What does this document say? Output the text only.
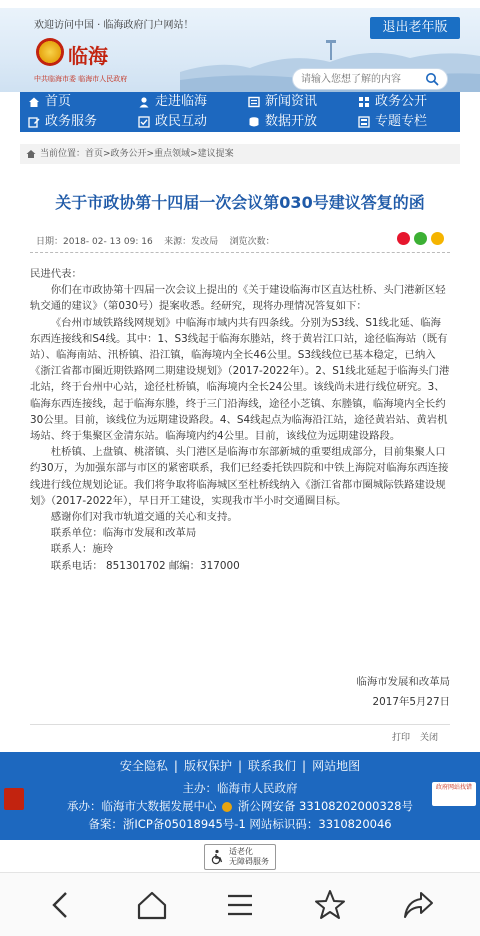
欢迎访问中国 · 临海政府门户网站！	退出老年版
临海
中共临海市委 临海市人民政府
请输入您想了解的内容
首页	走进临海	新闻资讯	政务公开
政务服务	政民互动	数据开放	专题专栏
当前位置： 首页>政务公开>重点领域>建议提案
关于市政协第十四届一次会议第030号建议答复的函
日期：2018- 02- 13 09: 16 来源：发改局 浏览次数：

民进代表：

你们在市政协第十四届一次会议上提出的《关于建设临海市区直达杜桥、头门港新区轻轨交通的建议》（第030号）提案收悉。经研究，现将办理情况答复如下：

《台州市域铁路线网规划》中临海市域内共有四条线。分别为S3线、S1线北延、临海东西连接线和S4线。其中：1、S3线起于临海东塍站，终于黄岩江口站，途径临海站（既有站）、临海南站、汛桥镇、沿江镇，临海境内全长46公里。S3线线位已基本稳定，已纳入《浙江省都市圈近期铁路网二期建设规划》（2017-2022年）。2、S1线北延起于临海头门港北站，终于台州中心站，途径杜桥镇，临海境内全长24公里。该线尚未进行线位研究。3、临海东西连接线，起于临海东塍，终于三门沿海线，途径小芝镇、东塍镇，临海境内全长约30公里。目前，该线位为远期建设路段。4、S4线起点为临海沿江站，途径黄岩站、黄岩机场站、终于集聚区金清东站。临海境内约4公里。目前，该线位为远期建设路段。

杜桥镇、上盘镇、桃渚镇、头门港区是临海市东部新城的重要组成部分，目前集聚人口约30万，为加强东部与市区的紧密联系，我们已经委托铁四院和中铁上海院对临海东西连接线进行线位规划论证。我们将争取将临海城区至杜桥线纳入《浙江省都市圈城际铁路建设规划》（2017-2022年），早日开工建设，实现我市半小时交通圈目标。

感谢你们对我市轨道交通的关心和支持。

联系单位：临海市发展和改革局

联系人：施玲

联系电话： 851301702 邮编：317000

临海市发展和改革局
2017年5月27日
打印 关闭
安全隐私 | 版权保护 | 联系我们 | 网站地图
主办：临海市人民政府
承办：临海市大数据发展中心 浙公网安备 33108202000328号
备案：浙ICP备05018945号-1 网站标识码：3310820046
政府网站找错
适老化
无障碍服务
